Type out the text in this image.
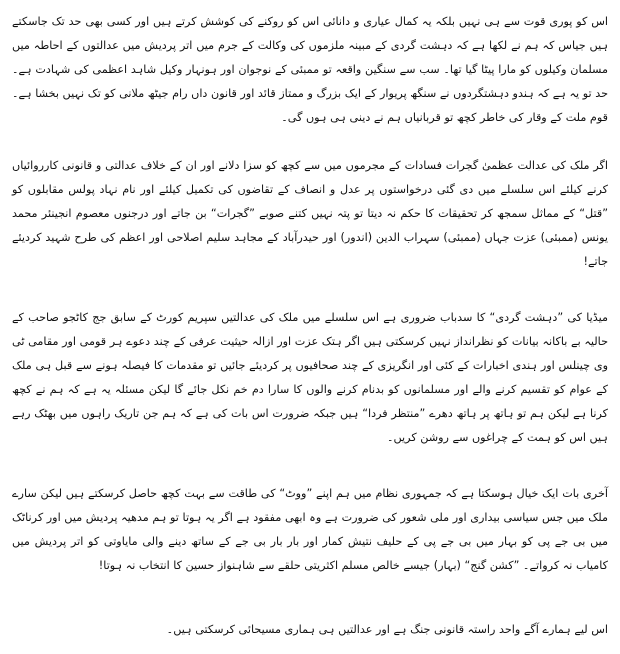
اس کو پوری قوت سے ہی نہیں بلکہ یہ کمال عیاری و دانائی اس کو روکنے کی کوشش کرتے ہیں اور کسی بھی حد تک جاسکتے ہیں جیاس کہ ہم نے لکھا ہے کہ دہشت گردی کے مبینہ ملزموں کی وکالت کے جرم میں اتر پردیش میں عدالتوں کے احاطہ میں مسلمان وکیلوں کو مارا پیٹا گیا تھا۔ سب سے سنگین واقعہ تو ممبئی کے نوجوان اور ہونہار وکیل شاہد اعظمی کی شہادت ہے۔ حد تو یہ ہے کہ ہندو دہشتگردوں نے سنگھ پریوار کے ایک بزرگ و ممتاز قائد اور قانون داں رام جیٹھ ملانی کو تک نہیں بخشا ہے۔ قوم ملت کے وقار کی خاطر کچھ تو قربانیاں ہم نے دینی ہی ہوں گی۔

اگر ملک کی عدالت عظمیٰ گجرات فسادات کے مجرموں میں سے کچھ کو سزا دلانے اور ان کے خلاف عدالتی و قانونی کارروائیاں کرنے کیلئے اس سلسلے میں دی گئی درخواستوں پر عدل و انصاف کے تقاضوں کی تکمیل کیلئے اور نام نہاد پولس مقابلوں کو ”قتل“ کے مماثل سمجھ کر تحقیقات کا حکم نہ دیتا تو پتہ نہیں کتنے صوبے ”گجرات“ بن جاتے اور درجنوں معصوم انجینئر محمد یونس (ممبئی) عزت جہاں (ممبئی) سہراب الدین (اندور) اور حیدرآباد کے مجاہد سلیم اصلاحی اور اعظم کی طرح شہید کردیئے جاتے!

میڈیا کی ”دہشت گردی“ کا سدباب ضروری ہے اس سلسلے میں ملک کی عدالتیں سپریم کورٹ کے سابق جج کاٹجو صاحب کے حالیہ بے باکانہ بیانات کو نظرانداز نہیں کرسکتی ہیں اگر ہتک عزت اور ازالہ حیثیت عرفی کے چند دعوے ہر قومی اور مقامی ٹی وی چینلس اور ہندی اخبارات کے کئی اور انگریزی کے چند صحافیوں پر کردیئے جائیں تو مقدمات کا فیصلہ ہونے سے قبل ہی ملک کے عوام کو تقسیم کرنے والے اور مسلمانوں کو بدنام کرنے والوں کا سارا دم خم نکل جائے گا لیکن مسئلہ یہ ہے کہ ہم نے کچھ کرنا ہے لیکن ہم تو ہاتھ پر ہاتھ دھرے ”منتظر فردا“ ہیں جبکہ ضرورت اس بات کی ہے کہ ہم جن تاریک راہوں میں بھٹک رہے ہیں اس کو ہمت کے چراغوں سے روشن کریں۔

آخری بات ایک خیال ہوسکتا ہے کہ جمہوری نظام میں ہم اپنے ”ووٹ“ کی طاقت سے بہت کچھ حاصل کرسکتے ہیں لیکن سارے ملک میں جس سیاسی بیداری اور ملی شعور کی ضرورت ہے وہ ابھی مفقود ہے اگر یہ ہوتا تو ہم مدھیہ پردیش میں اور کرناٹک میں بی جے پی کو بہار میں بی جے پی کے حلیف نتیش کمار اور بار بار بی جے کے ساتھ دینے والی مایاوتی کو اتر پردیش میں کامیاب نہ کرواتے۔ ”کشن گنج“ (بہار) جیسے خالص مسلم اکثریتی حلقے سے شاہنواز حسین کا انتخاب نہ ہوتا!

اس لیے ہمارے آگے واحد راستہ قانونی جنگ ہے اور عدالتیں ہی ہماری مسیحائی کرسکتی ہیں۔
